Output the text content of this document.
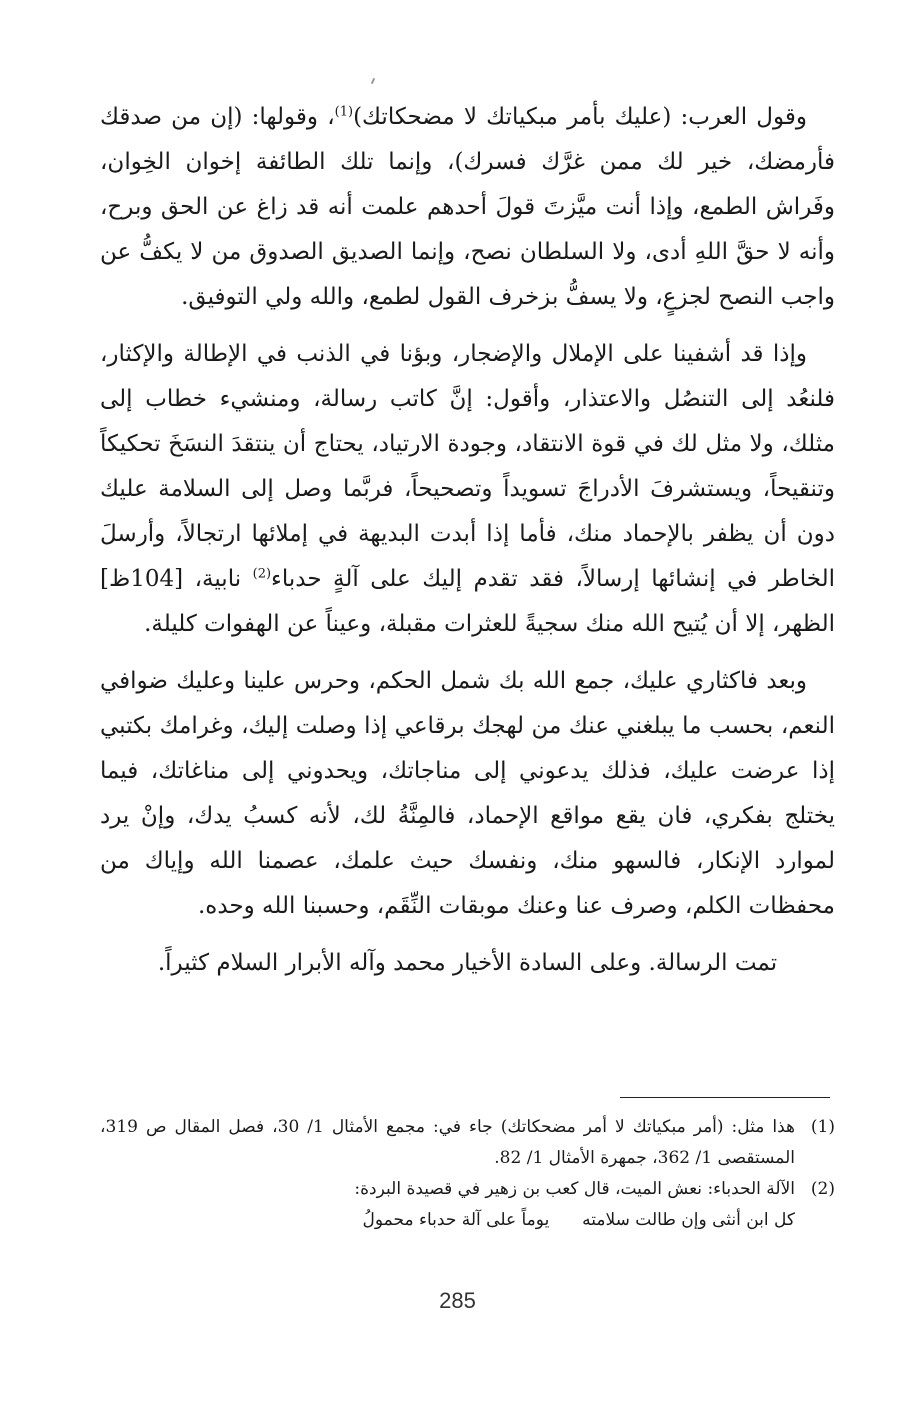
وقول العرب: (عليك بأمر مبكياتك لا مضحكاتك)$^{(1)}$، وقولها: (إن من صدقك فأرمضك، خير لك ممن غرَّك فسرك)، وإنما تلك الطائفة إخوان الخِوان، وفَراش الطمع، وإذا أنت ميَّزتَ قولَ أحدهم علمت أنه قد زاغ عن الحق وبرح، وأنه لا حقَّ اللهِ أدى، ولا السلطان نصح، وإنما الصديق الصدوق من لا يكفُّ عن واجب النصح لجزعٍ، ولا يسفُّ بزخرف القول لطمع، والله ولي التوفيق.

وإذا قد أشفينا على الإملال والإضجار، وبؤنا في الذنب في الإطالة والإكثار، فلنعُد إلى التنصُل والاعتذار، وأقول: إنَّ كاتب رسالة، ومنشيء خطاب إلى مثلك، ولا مثل لك في قوة الانتقاد، وجودة الارتياد، يحتاج أن ينتقدَ النسَخَ تحكيكاً وتنقيحاً، ويستشرفَ الأدراجَ تسويداً وتصحيحاً، فربَّما وصل إلى السلامة عليك دون أن يظفر بالإحماد منك، فأما إذا أبدت البديهة في إملائها ارتجالاً، وأرسلَ الخاطر في إنشائها إرسالاً، فقد تقدم إليك على آلةٍ حدباء$^{(2)}$ نابية، [104ظ] الظهر، إلا أن يُتيح الله منك سجيةً للعثرات مقبلة، وعيناً عن الهفوات كليلة.

وبعد فاكثاري عليك، جمع الله بك شمل الحكم، وحرس علينا وعليك ضوافي النعم، بحسب ما يبلغني عنك من لهجك برقاعي إذا وصلت إليك، وغرامك بكتبي إذا عرضت عليك، فذلك يدعوني إلى مناجاتك، ويحدوني إلى مناغاتك، فيما يختلج بفكري، فان يقع مواقع الإحماد، فالمِنَّةُ لك، لأنه كسبُ يدك، وإنْ يرد لموارد الإنكار، فالسهو منك، ونفسك حيث علمك، عصمنا الله وإياك من محفظات الكلم، وصرف عنا وعنك موبقات النِّقَم، وحسبنا الله وحده.

تمت الرسالة. وعلى السادة الأخيار محمد وآله الأبرار السلام كثيراً.

(1)
هذا مثل: (أمر مبكياتك لا أمر مضحكاتك) جاء في: مجمع الأمثال 1/ 30، فصل المقال ص 319، المستقصى 1/ 362، جمهرة الأمثال 1/ 82.
(2)
الآلة الحدباء: نعش الميت، قال كعب بن زهير في قصيدة البردة:
كل ابن أنثى وإن طالت سلامته  يوماً على آلة حدباء محمولُ
285
